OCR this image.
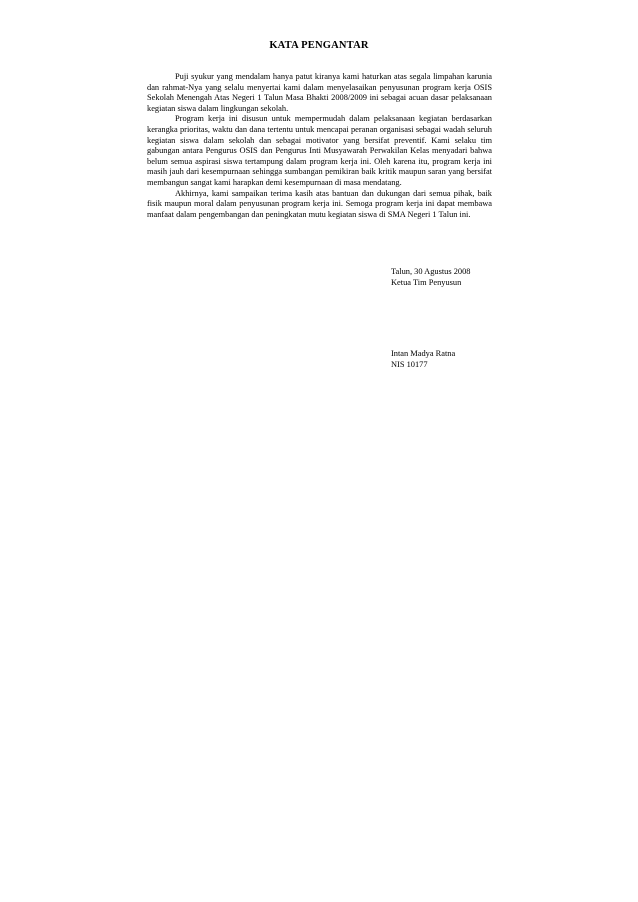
KATA PENGANTAR

Puji syukur yang mendalam hanya patut kiranya kami haturkan atas segala limpahan karunia dan rahmat-Nya yang selalu menyertai kami dalam menyelasaikan penyusunan program kerja OSIS Sekolah Menengah Atas Negeri 1 Talun Masa Bhakti 2008/2009 ini sebagai acuan dasar pelaksanaan kegiatan siswa dalam lingkungan sekolah.

Program kerja ini disusun untuk mempermudah dalam pelaksanaan kegiatan berdasarkan kerangka prioritas, waktu dan dana tertentu untuk mencapai peranan organisasi sebagai wadah seluruh kegiatan siswa dalam sekolah dan sebagai motivator yang bersifat preventif. Kami selaku tim gabungan antara Pengurus OSIS dan Pengurus Inti Musyawarah Perwakilan Kelas menyadari bahwa belum semua aspirasi siswa tertampung dalam program kerja ini. Oleh karena itu, program kerja ini masih jauh dari kesempurnaan sehingga sumbangan pemikiran baik kritik maupun saran yang bersifat membangun sangat kami harapkan demi kesempurnaan di masa mendatang.

Akhirnya, kami sampaikan terima kasih atas bantuan dan dukungan dari semua pihak, baik fisik maupun moral dalam penyusunan program kerja ini. Semoga program kerja ini dapat membawa manfaat dalam pengembangan dan peningkatan mutu kegiatan siswa di SMA Negeri 1 Talun ini.

Talun, 30 Agustus 2008
Ketua Tim Penyusun
Intan Madya Ratna
NIS 10177
